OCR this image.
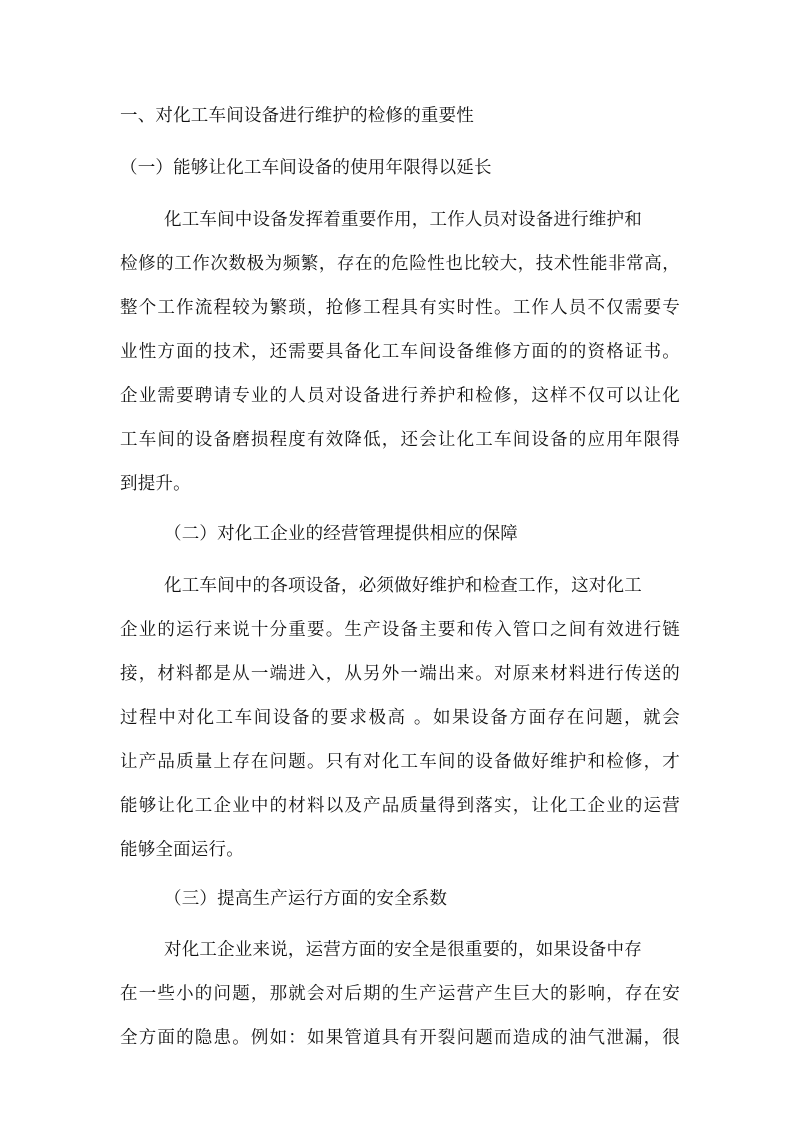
一、对化工车间设备进行维护的检修的重要性
（一）能够让化工车间设备的使用年限得以延长
化工车间中设备发挥着重要作用，工作人员对设备进行维护和
检修的工作次数极为频繁，存在的危险性也比较大，技术性能非常高，
整个工作流程较为繁琐，抢修工程具有实时性。工作人员不仅需要专
业性方面的技术，还需要具备化工车间设备维修方面的的资格证书。
企业需要聘请专业的人员对设备进行养护和检修，这样不仅可以让化
工车间的设备磨损程度有效降低，还会让化工车间设备的应用年限得
到提升。
（二）对化工企业的经营管理提供相应的保障
化工车间中的各项设备，必须做好维护和检查工作，这对化工
企业的运行来说十分重要。生产设备主要和传入管口之间有效进行链
接，材料都是从一端进入，从另外一端出来。对原来材料进行传送的
过程中对化工车间设备的要求极高 。如果设备方面存在问题，就会
让产品质量上存在问题。只有对化工车间的设备做好维护和检修，才
能够让化工企业中的材料以及产品质量得到落实，让化工企业的运营
能够全面运行。
（三）提高生产运行方面的安全系数
对化工企业来说，运营方面的安全是很重要的，如果设备中存
在一些小的问题，那就会对后期的生产运营产生巨大的影响，存在安
全方面的隐患。例如：如果管道具有开裂问题而造成的油气泄漏，很
